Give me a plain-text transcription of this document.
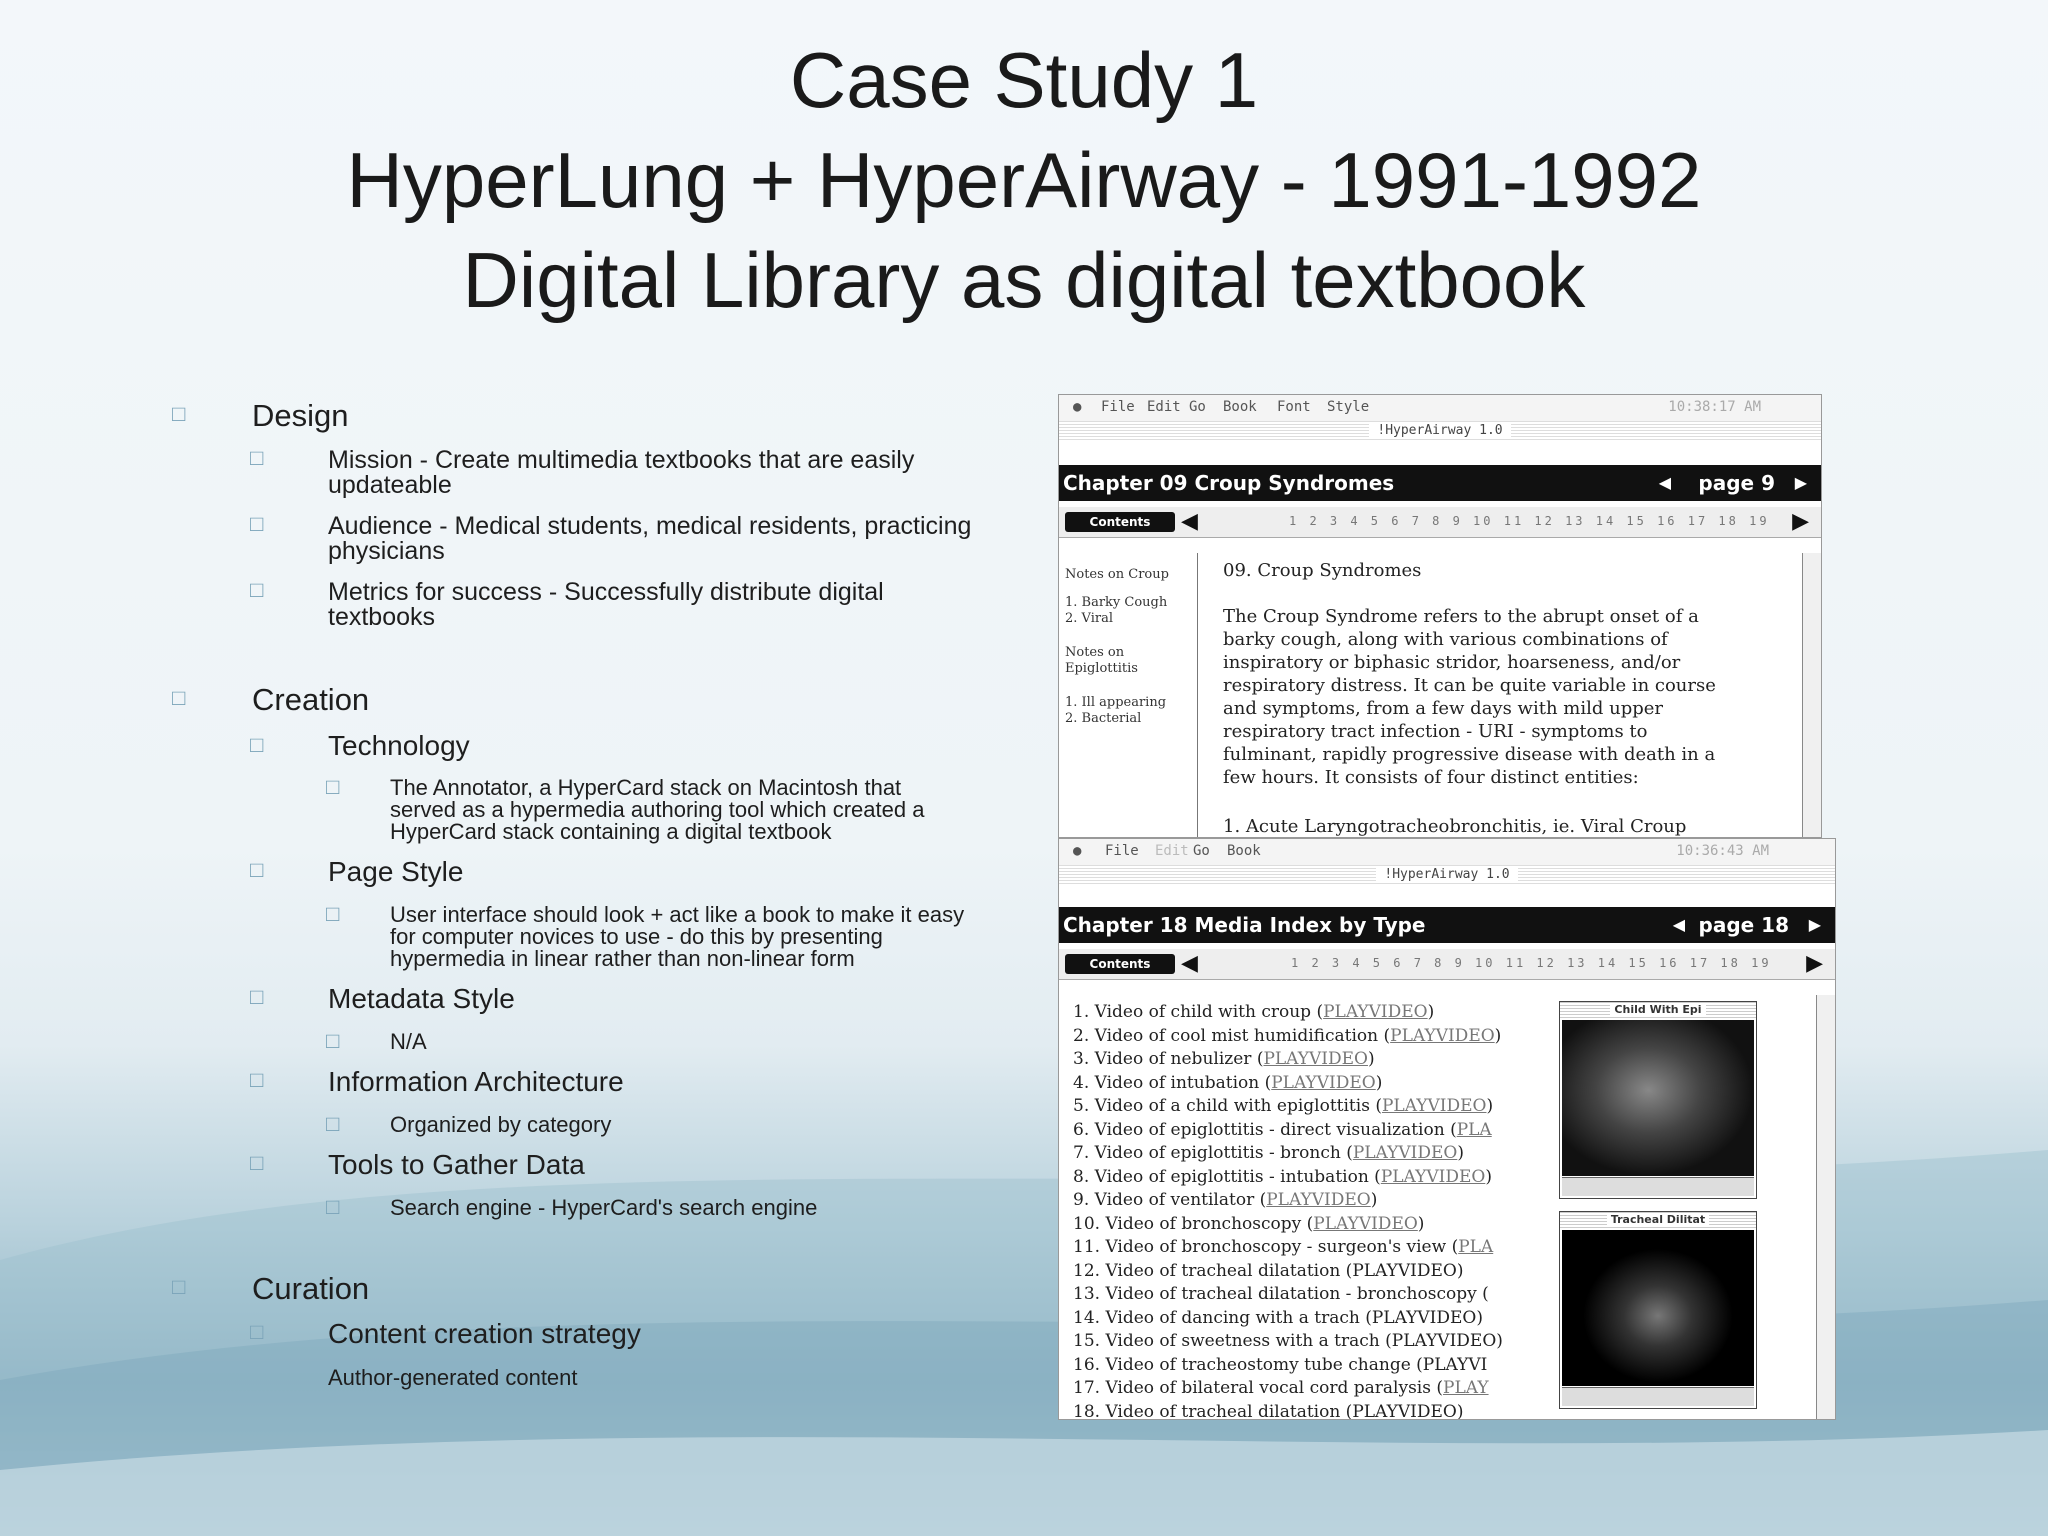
Case Study 1
HyperLung + HyperAirway - 1991-1992
Digital Library as digital textbook
□
Design
□
Mission - Create multimedia textbooks that are easily
updateable
□
Audience - Medical students, medical residents, practicing
physicians
□
Metrics for success - Successfully distribute digital
textbooks
□
Creation
□
Technology
□
The Annotator, a HyperCard stack on Macintosh that
served as a hypermedia authoring tool which created a
HyperCard stack containing a digital textbook
□
Page Style
□
User interface should look + act like a book to make it easy
for computer novices to use - do this by presenting
hypermedia in linear rather than non-linear form
□
Metadata Style
□
N/A
□
Information Architecture
□
Organized by category
□
Tools to Gather Data
□
Search engine - HyperCard's search engine
□
Curation
□
Content creation strategy
Author-generated content
● File Edit Go Book Font Style	10:38:17 AM
!HyperAirway 1.0
Chapter 09 Croup Syndromes	◀ page 9 ▶
Contents	◀	1 2 3 4 5 6 7 8 9 10 11 12 13 14 15 16 17 18 19 ▶
Notes on Croup
1. Barky Cough
2. Viral
Notes on
Epiglottitis
1. Ill appearing
2. Bacterial
09. Croup Syndromes
The Croup Syndrome refers to the abrupt onset of a
barky cough, along with various combinations of
inspiratory or biphasic stridor, hoarseness, and/or
respiratory distress. It can be quite variable in course
and symptoms, from a few days with mild upper
respiratory tract infection - URI - symptoms to
fulminant, rapidly progressive disease with death in a
few hours. It consists of four distinct entities:
1. Acute Laryngotracheobronchitis, ie. Viral Croup
● File Edit Go Book	10:36:43 AM
!HyperAirway 1.0
Chapter 18 Media Index by Type	◀ page 18 ▶
Contents	◀	1 2 3 4 5 6 7 8 9 10 11 12 13 14 15 16 17 18 19 ▶
1. Video of child with croup (PLAYVIDEO)
2. Video of cool mist humidification (PLAYVIDEO)
3. Video of nebulizer (PLAYVIDEO)
4. Video of intubation (PLAYVIDEO)
5. Video of a child with epiglottitis (PLAYVIDEO)
6. Video of epiglottitis - direct visualization (PLA
7. Video of epiglottitis - bronch (PLAYVIDEO)
8. Video of epiglottitis - intubation (PLAYVIDEO)
9. Video of ventilator (PLAYVIDEO)
10. Video of bronchoscopy (PLAYVIDEO)
11. Video of bronchoscopy - surgeon's view (PLA
12. Video of tracheal dilatation (PLAYVIDEO)
13. Video of tracheal dilatation - bronchoscopy (
14. Video of dancing with a trach (PLAYVIDEO)
15. Video of sweetness with a trach (PLAYVIDEO)
16. Video of tracheostomy tube change (PLAYVI
17. Video of bilateral vocal cord paralysis (PLAY
18. Video of tracheal dilatation (PLAYVIDEO)
Child With Epi
Tracheal Dilitat
